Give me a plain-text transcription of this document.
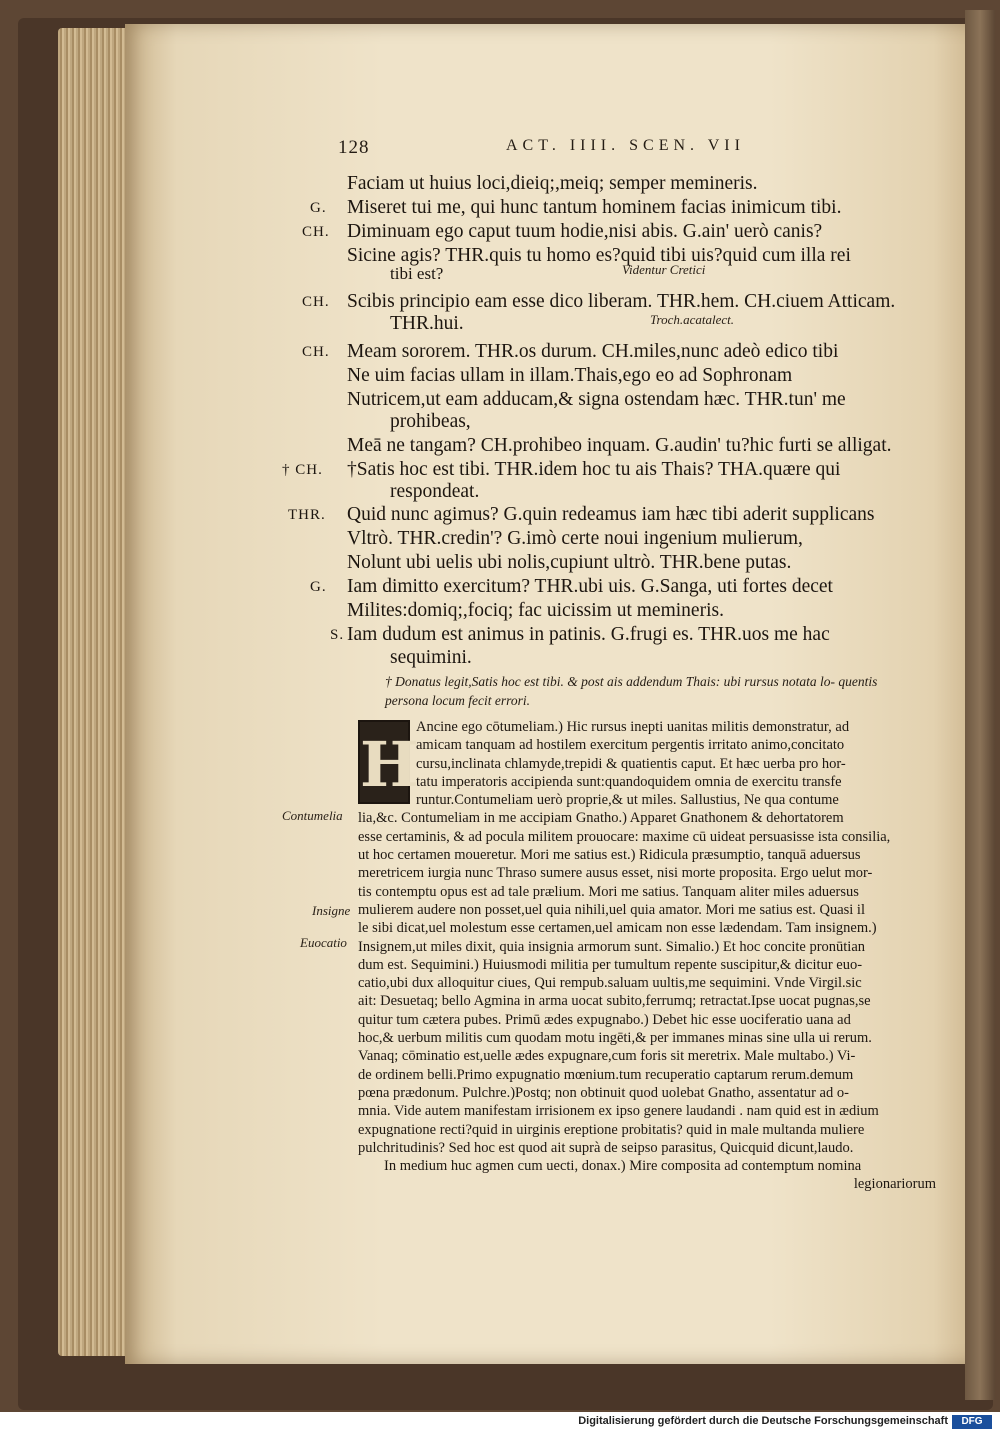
128	ACT. IIII. SCEN. VII
Faciam ut huius loci,dieiq;,meiq; semper memineris.
G. Miseret tui me, qui hunc tantum hominem facias inimicum tibi.
CH. Diminuam ego caput tuum hodie,nisi abis. G.ain' uerò canis?
Sicine agis? THR.quis tu homo es?quid tibi uis?quid cum illa rei
tibi est?
CH. Scibis principio eam esse dico liberam. THR.hem. CH.ciuem Atticam.
THR.hui.
CH. Meam sororem. THR.os durum. CH.miles,nunc adeò edico tibi
Ne uim facias ullam in illam.Thais,ego eo ad Sophronam
Nutricem,ut eam adducam,& signa ostendam hæc. THR.tun' me
prohibeas,
Meā ne tangam? CH.prohibeo inquam. G.audin' tu?hic furti se alligat.
† CH. †Satis hoc est tibi. THR.idem hoc tu ais Thais? THA.quære qui
respondeat.
THR. Quid nunc agimus? G.quin redeamus iam hæc tibi aderit supplicans
Vltrò. THR.credin'? G.imò certe noui ingenium mulierum,
Nolunt ubi uelis ubi nolis,cupiunt ultrò. THR.bene putas.
G. Iam dimitto exercitum? THR.ubi uis. G.Sanga, uti fortes decet
Milites:domiq;,fociq; fac uicissim ut memineris.
S. Iam dudum est animus in patinis. G.frugi es. THR.uos me hac
sequimini.
Videntur Cretici
Troch.acatalect.
† Donatus legit,Satis hoc est tibi. & post ais addendum Thais: ubi rursus notata lo- quentis persona locum fecit errori.
H
Ancine ego cōtumeliam.) Hic rursus inepti uanitas militis demonstratur, ad
amicam tanquam ad hostilem exercitum pergentis irritato animo,concitato
cursu,inclinata chlamyde,trepidi & quatientis caput. Et hæc uerba pro hor-
tatu imperatoris accipienda sunt:quandoquidem omnia de exercitu transfe
runtur.Contumeliam uerò proprie,& ut miles. Sallustius, Ne qua contume
lia,&c. Contumeliam in me accipiam Gnatho.) Apparet Gnathonem & dehortatorem
esse certaminis, & ad pocula militem prouocare: maxime cū uideat persuasisse ista consilia,
ut hoc certamen moueretur. Mori me satius est.) Ridicula præsumptio, tanquā aduersus
meretricem iurgia nunc Thraso sumere ausus esset, nisi morte proposita. Ergo uelut mor-
tis contemptu opus est ad tale prælium. Mori me satius. Tanquam aliter miles aduersus
mulierem audere non posset,uel quia nihili,uel quia amator. Mori me satius est. Quasi il
le sibi dicat,uel molestum esse certamen,uel amicam non esse lædendam. Tam insignem.)
Insignem,ut miles dixit, quia insignia armorum sunt. Simalio.) Et hoc concite pronūtian
dum est. Sequimini.) Huiusmodi militia per tumultum repente suscipitur,& dicitur euo-
catio,ubi dux alloquitur ciues, Qui rempub.saluam uultis,me sequimini. Vnde Virgil.sic
ait: Desuetaq; bello Agmina in arma uocat subito,ferrumq; retractat.Ipse uocat pugnas,se
quitur tum cætera pubes. Primū ædes expugnabo.) Debet hic esse uociferatio uana ad
hoc,& uerbum militis cum quodam motu ingēti,& per immanes minas sine ulla ui rerum.
Vanaq; cōminatio est,uelle ædes expugnare,cum foris sit meretrix. Male multabo.) Vi-
de ordinem belli.Primo expugnatio mœnium.tum recuperatio captarum rerum.demum
pœna prædonum. Pulchre.)Postq; non obtinuit quod uolebat Gnatho, assentatur ad o-
mnia. Vide autem manifestam irrisionem ex ipso genere laudandi . nam quid est in ædium
expugnatione recti?quid in uirginis ereptione probitatis? quid in male multanda muliere
pulchritudinis? Sed hoc est quod ait suprà de seipso parasitus, Quicquid dicunt,laudo.
In medium huc agmen cum uecti, donax.) Mire composita ad contemptum nomina
legionariorum
Contumelia
Insigne
Euocatio
Digitalisierung gefördert durch die Deutsche Forschungsgemeinschaft	DFG
